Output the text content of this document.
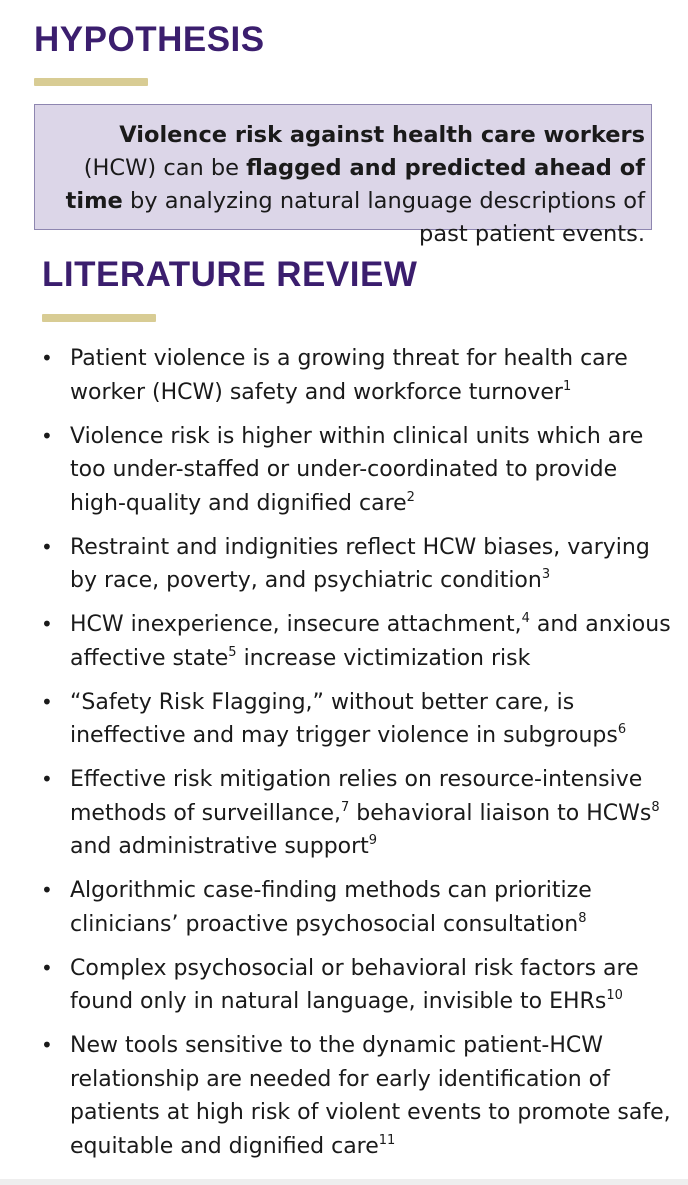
HYPOTHESIS
Violence risk against health care workers (HCW) can be flagged and predicted ahead of time by analyzing natural language descriptions of past patient events.
LITERATURE REVIEW
• Patient violence is a growing threat for health care worker (HCW) safety and workforce turnover$^1$
• Violence risk is higher within clinical units which are too under-staffed or under-coordinated to provide high-quality and dignified care$^2$
• Restraint and indignities reflect HCW biases, varying by race, poverty, and psychiatric condition$^3$
• HCW inexperience, insecure attachment,$^4$ and anxious affective state$^5$ increase victimization risk
• “Safety Risk Flagging,” without better care, is ineffective and may trigger violence in subgroups$^6$
• Effective risk mitigation relies on resource-intensive methods of surveillance,$^7$ behavioral liaison to HCWs$^8$ and administrative support$^9$
• Algorithmic case-finding methods can prioritize clinicians’ proactive psychosocial consultation$^8$
• Complex psychosocial or behavioral risk factors are found only in natural language, invisible to EHRs$^{10}$
• New tools sensitive to the dynamic patient-HCW relationship are needed for early identification of patients at high risk of violent events to promote safe, equitable and dignified care$^{11}$
